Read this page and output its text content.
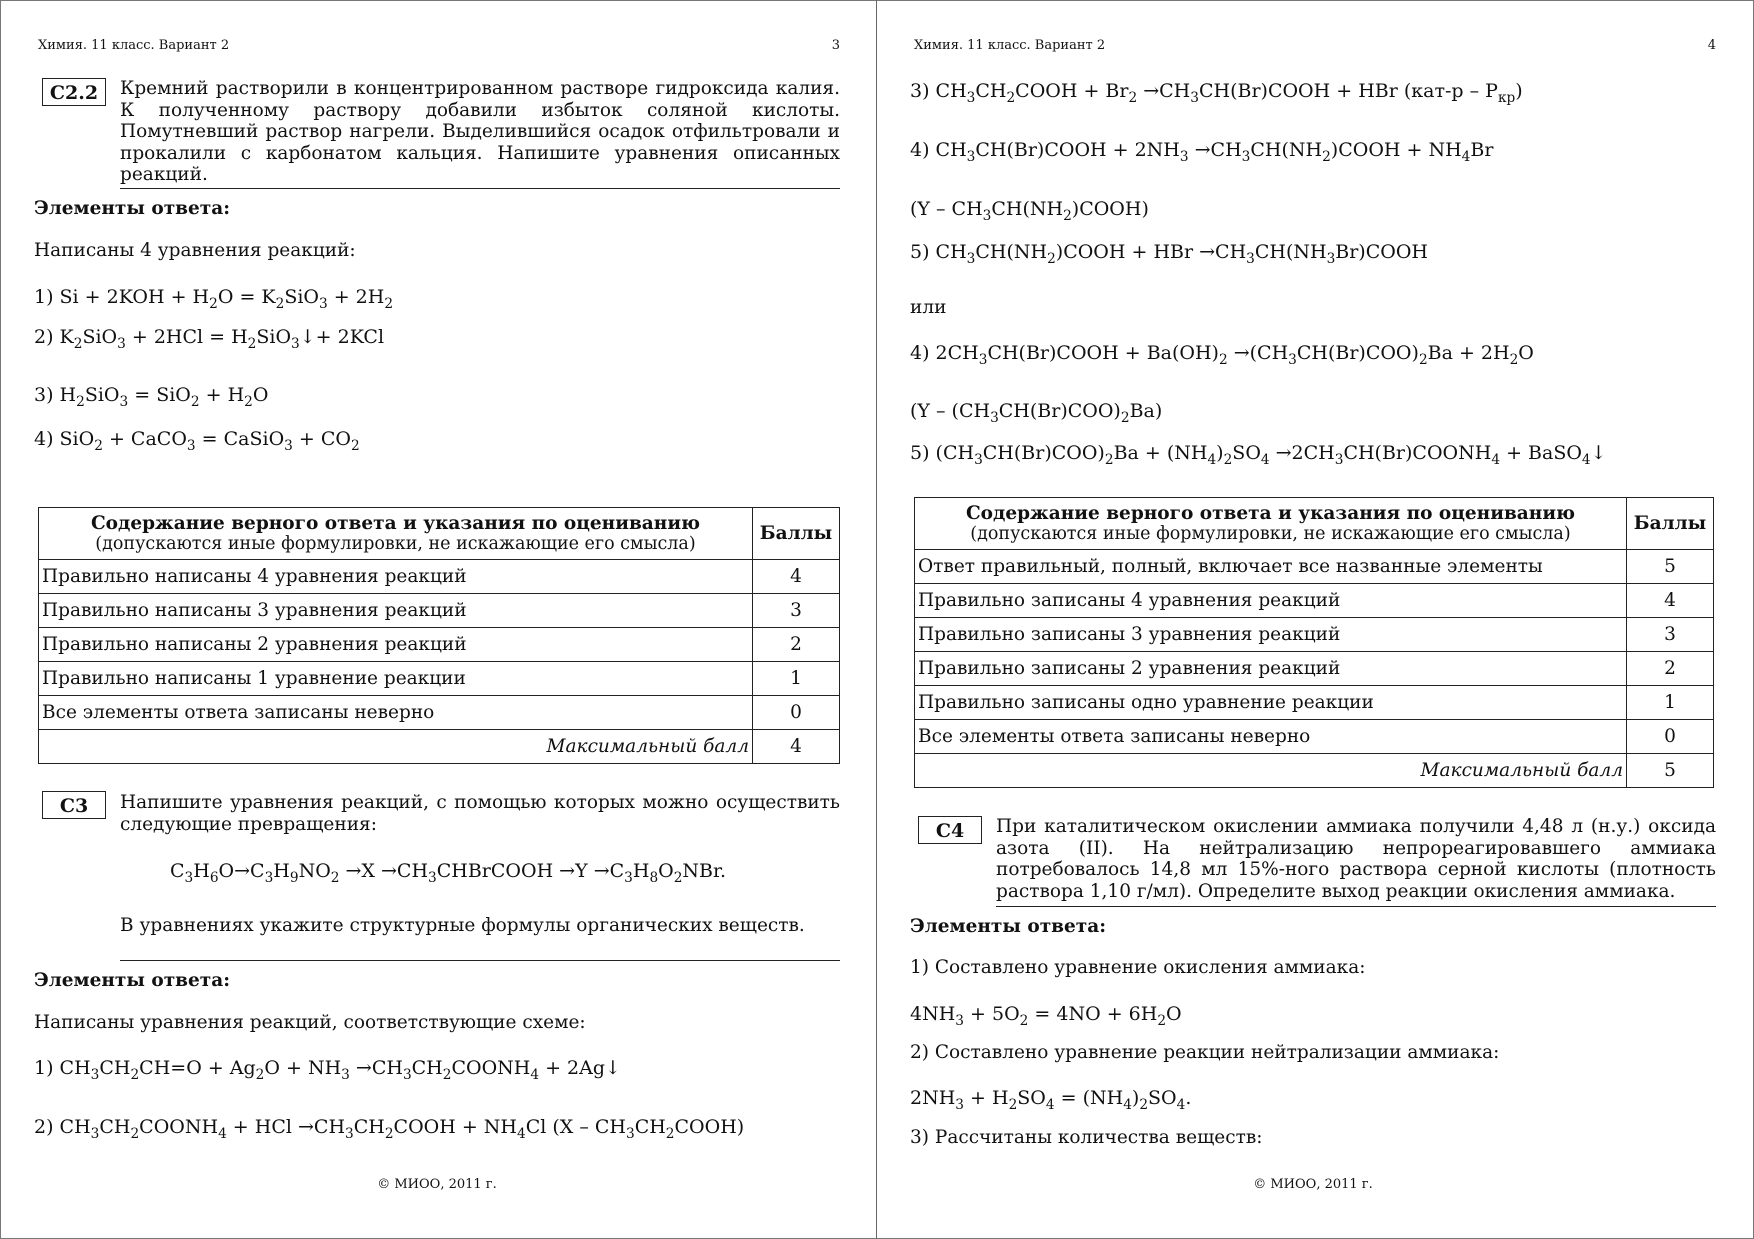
Химия. 11 класс. Вариант 2	3
С2.2	Кремний растворили в концентрированном растворе гидроксида калия. К полученному раствору добавили избыток соляной кислоты. Помутневший раствор нагрели. Выделившийся осадок отфильтровали и прокалили с карбонатом кальция. Напишите уравнения описанных реакций.
Элементы ответа:
Написаны 4 уравнения реакций:
1) $Si + 2KOH + H_2O = K_2SiO_3 + 2H_2$
2) $K_2SiO_3 + 2HCl$ = $H_2SiO_3↓+ 2KCl$
3) $H_2SiO_3 = SiO_2 + H_2O$
4) SiO$_2$ + CaCO$_3$ = CaSiO$_3$ + $CO_2$
Содержание верного ответа и указания по оцениванию
(допускаются иные формулировки, не искажающие его смысла)	Баллы
Правильно написаны 4 уравнения реакций	4
Правильно написаны 3 уравнения реакций	3
Правильно написаны 2 уравнения реакций	2
Правильно написаны 1 уравнение реакции	1
Все элементы ответа записаны неверно	0
Максимальный балл	4
С3	Напишите уравнения реакций, с помощью которых можно осуществить следующие превращения:
$C_3H_6O\to C_3H_9NO_2 \to X$ $\to CH_3CHBrCOOH \to Y \to C_3H_8O_2NBr$.
В уравнениях укажите структурные формулы органических веществ.
Элементы ответа:
Написаны уравнения реакций, соответствующие схеме:
1) $CH_3CH_2CH=O + Ag_2O + NH_3$ $\to CH_3CH_2COONH_4$ + 2Ag↓
2) $CH_3CH_2COONH_4$ + HCl $\to CH_3CH_2COOH + NH_4Cl$ $(X - CH_3CH_2COOH)$
© МИОО, 2011 г.
Химия. 11 класс. Вариант 2	4
3) $CH_3CH_2COOH + Br_2$ $\to CH_3CH(Br)COOH$ + HBr $(кат-р - P_{кр})$
4) $CH_3CH(Br)COOH + 2NH_3$ $\to CH_3CH(NH_2)COOH + NH_4Br$
$(Y - CH_3CH(NH_2)COOH)$
5) $CH_3CH(NH_2)COOH$ + HBr $\to CH_3CH(NH_3Br)COOH$
или
4) $2CH_3CH(Br)COOH + Ba(OH)_2 \to(CH_3CH(Br)COO)_2Ba + 2H_2O$
$(Y - (CH_3CH(Br)COO)_2Ba)$
5) $(CH_3CH(Br)COO)_2Ba + (NH_4)_2SO_4$ $\to 2CH_3CH(Br)COONH_4$ + BaSO$_4$↓
Содержание верного ответа и указания по оцениванию
(допускаются иные формулировки, не искажающие его смысла)	Баллы
Ответ правильный, полный, включает все названные элементы	5
Правильно записаны 4 уравнения реакций	4
Правильно записаны 3 уравнения реакций	3
Правильно записаны 2 уравнения реакций	2
Правильно записаны одно уравнение реакции	1
Все элементы ответа записаны неверно	0
Максимальный балл	5
С4	При каталитическом окислении аммиака получили 4,48 л (н.у.) оксида азота (II). На нейтрализацию непрореагировавшего аммиака потребовалось 14,8 мл 15%-ного раствора серной кислоты (плотность раствора 1,10 г/мл). Определите выход реакции окисления аммиака.
Элементы ответа:
1) Составлено уравнение окисления аммиака:
$4NH_3 + 5O_2 = 4NO + 6H_2O$
2) Составлено уравнение реакции нейтрализации аммиака:
$2NH_3 + H_2SO_4 = (NH_4)_2SO_4$.
3) Рассчитаны количества веществ:
© МИОО, 2011 г.
